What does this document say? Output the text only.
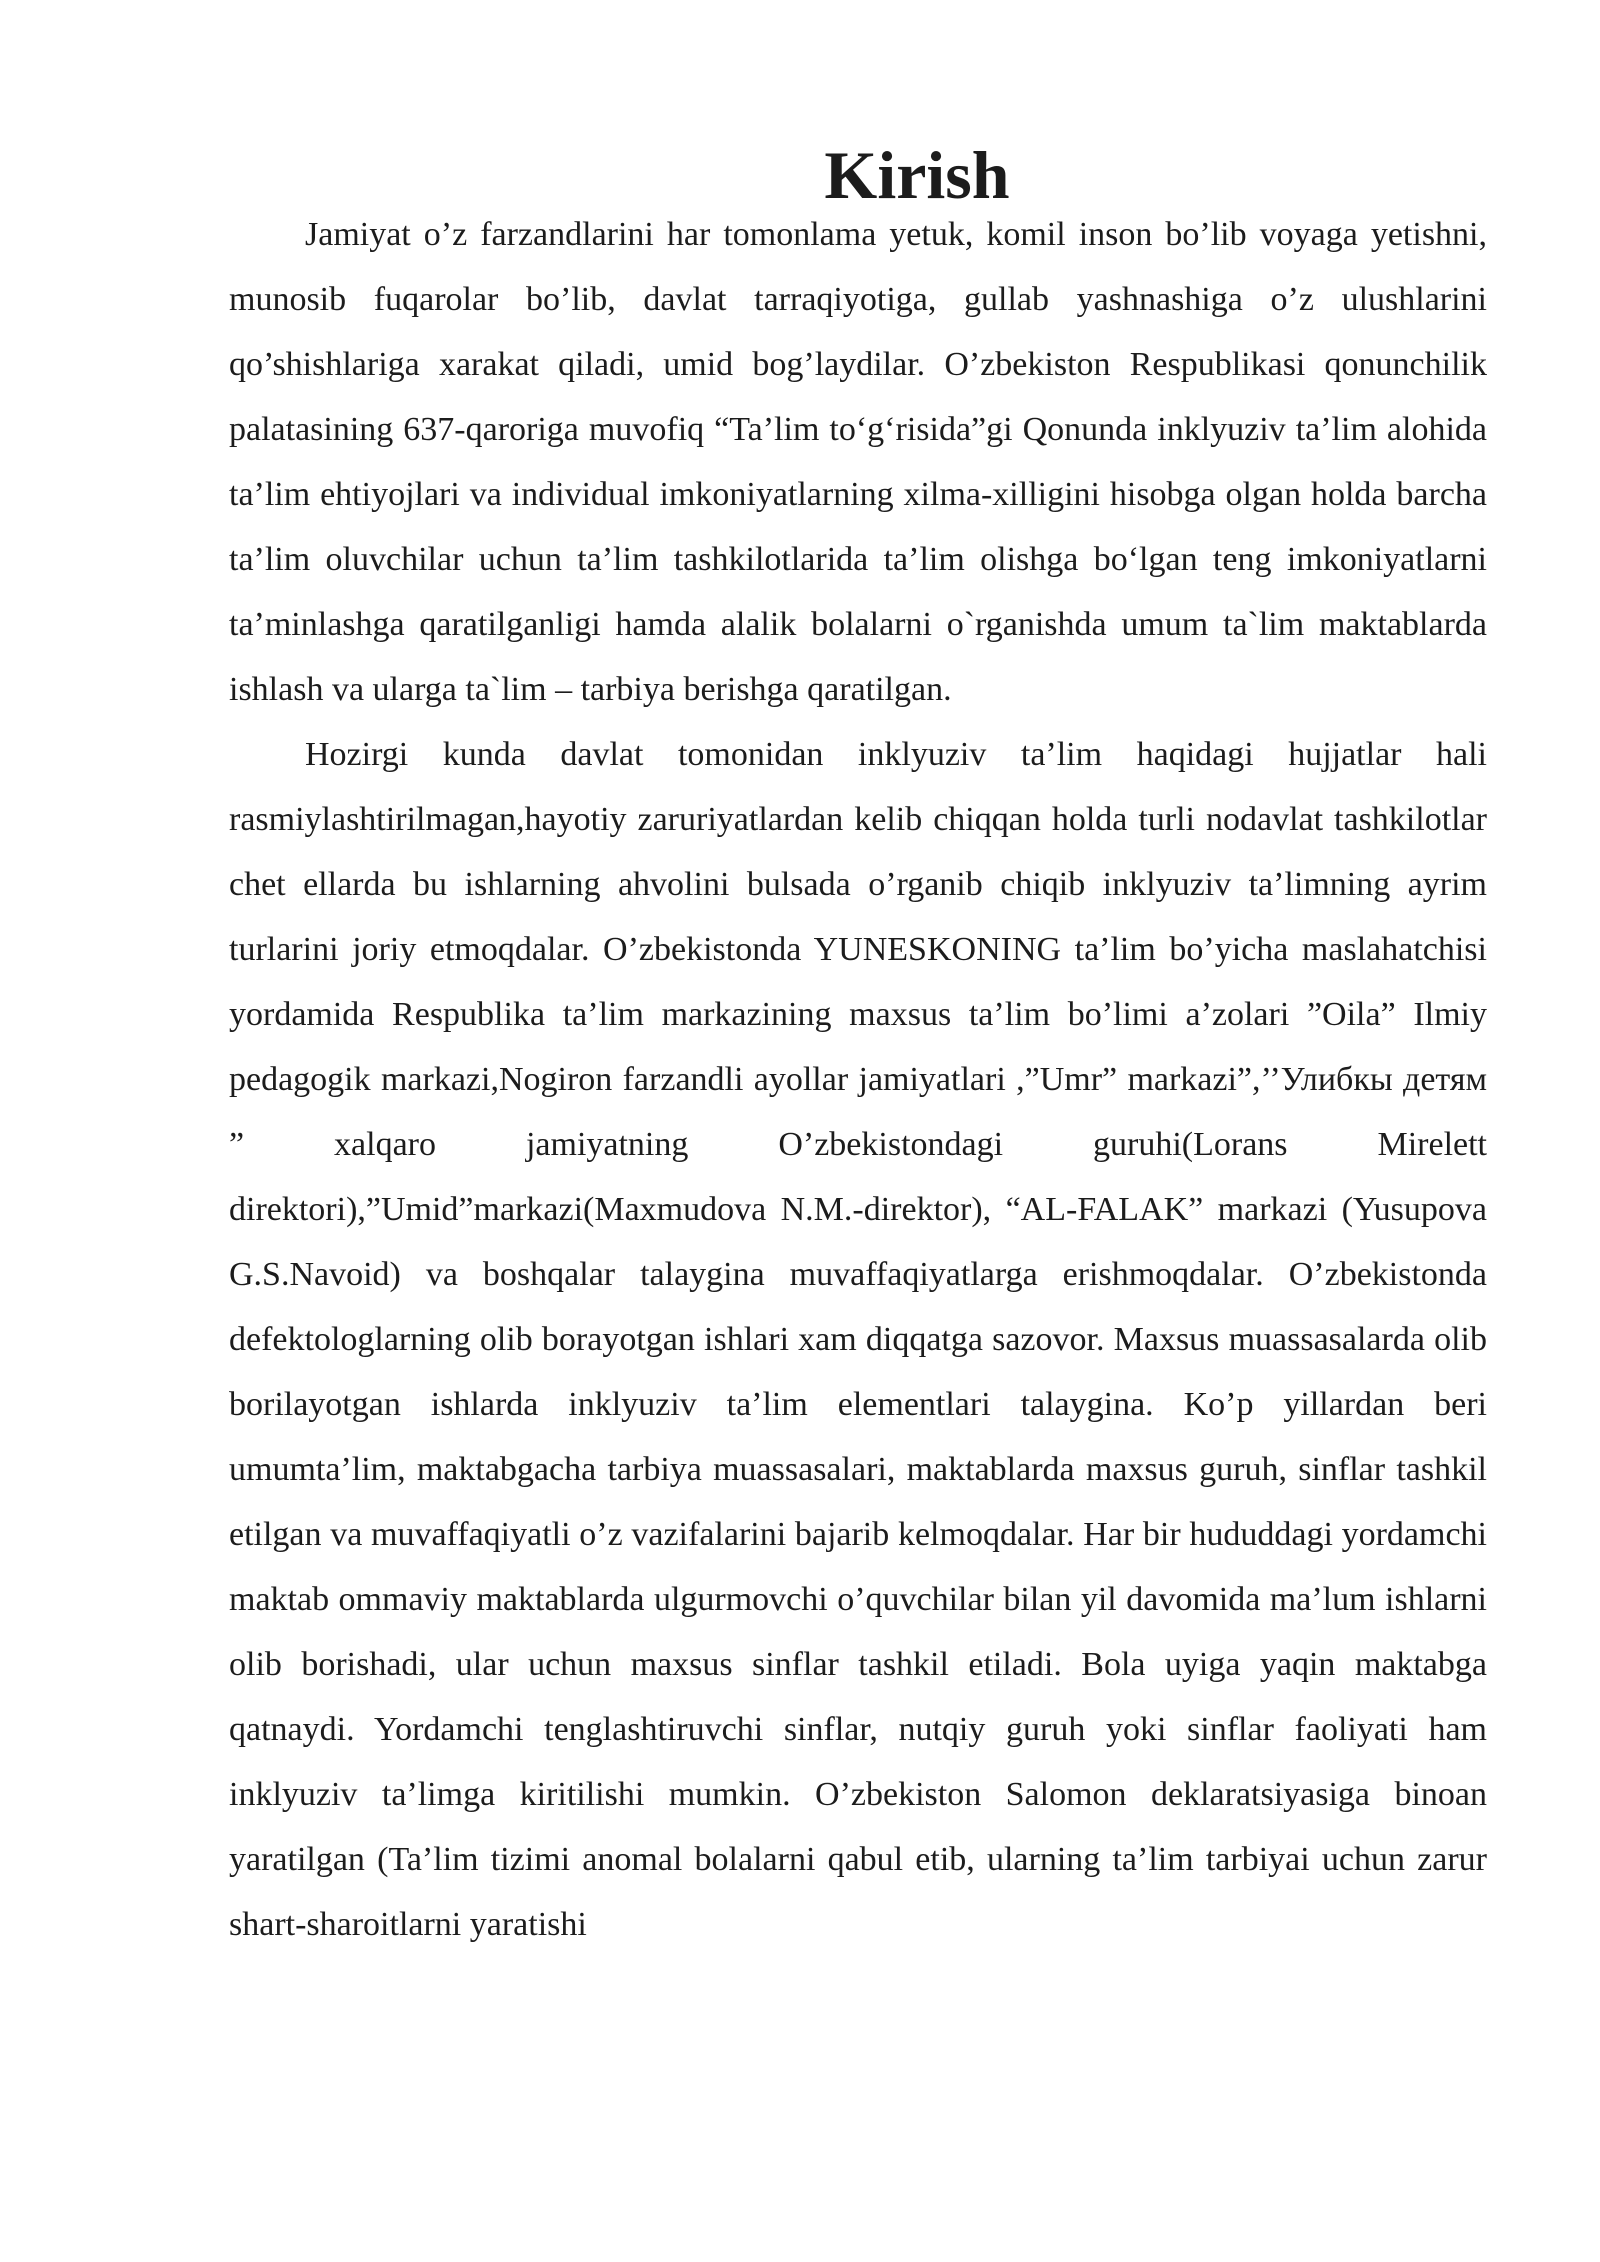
Kirish

Jamiyat o’z farzandlarini har tomonlama yetuk, komil inson bo’lib voyaga yetishni, munosib fuqarolar bo’lib, davlat tarraqiyotiga, gullab yashnashiga o’z ulushlarini qo’shishlariga xarakat qiladi, umid bog’laydilar. O’zbekiston Respublikasi qonunchilik palatasining 637-qaroriga muvofiq “Ta’lim to‘g‘risida”gi Qonunda inklyuziv ta’lim alohida ta’lim ehtiyojlari va individual imkoniyatlarning xilma-xilligini hisobga olgan holda barcha ta’lim oluvchilar uchun ta’lim tashkilotlarida ta’lim olishga bo‘lgan teng imkoniyatlarni ta’minlashga qaratilganligi hamda alalik bolalarni o`rganishda umum ta`lim maktablarda ishlash va ularga ta`lim – tarbiya berishga qaratilgan.

Hozirgi kunda davlat tomonidan inklyuziv ta’lim haqidagi hujjatlar hali rasmiylashtirilmagan,hayotiy zaruriyatlardan kelib chiqqan holda turli nodavlat tashkilotlar chet ellarda bu ishlarning ahvolini bulsada o’rganib chiqib inklyuziv ta’limning ayrim turlarini joriy etmoqdalar. O’zbekistonda YUNESKONING ta’lim bo’yicha maslahatchisi yordamida Respublika ta’lim markazining maxsus ta’lim bo’limi a’zolari ”Oila” Ilmiy pedagogik markazi,Nogiron farzandli ayollar jamiyatlari ,”Umr” markazi”,’’Улибкы детям ” xalqaro jamiyatning O’zbekistondagi guruhi(Lorans Mirelett direktori),”Umid”markazi(Maxmudova N.M.-direktor), “AL-FALAK” markazi (Yusupova G.S.Navoid) va boshqalar talaygina muvaffaqiyatlarga erishmoqdalar. O’zbekistonda defektologlarning olib borayotgan ishlari xam diqqatga sazovor. Maxsus muassasalarda olib borilayotgan ishlarda inklyuziv ta’lim elementlari talaygina. Ko’p yillardan beri umumta’lim, maktabgacha tarbiya muassasalari, maktablarda maxsus guruh, sinflar tashkil etilgan va muvaffaqiyatli o’z vazifalarini bajarib kelmoqdalar. Har bir hududdagi yordamchi maktab ommaviy maktablarda ulgurmovchi o’quvchilar bilan yil davomida ma’lum ishlarni olib borishadi, ular uchun maxsus sinflar tashkil etiladi. Bola uyiga yaqin maktabga qatnaydi. Yordamchi tenglashtiruvchi sinflar, nutqiy guruh yoki sinflar faoliyati ham inklyuziv ta’limga kiritilishi mumkin. O’zbekiston Salomon deklaratsiyasiga binoan yaratilgan (Ta’lim tizimi anomal bolalarni qabul etib, ularning ta’lim tarbiyai uchun zarur shart-sharoitlarni yaratishi
